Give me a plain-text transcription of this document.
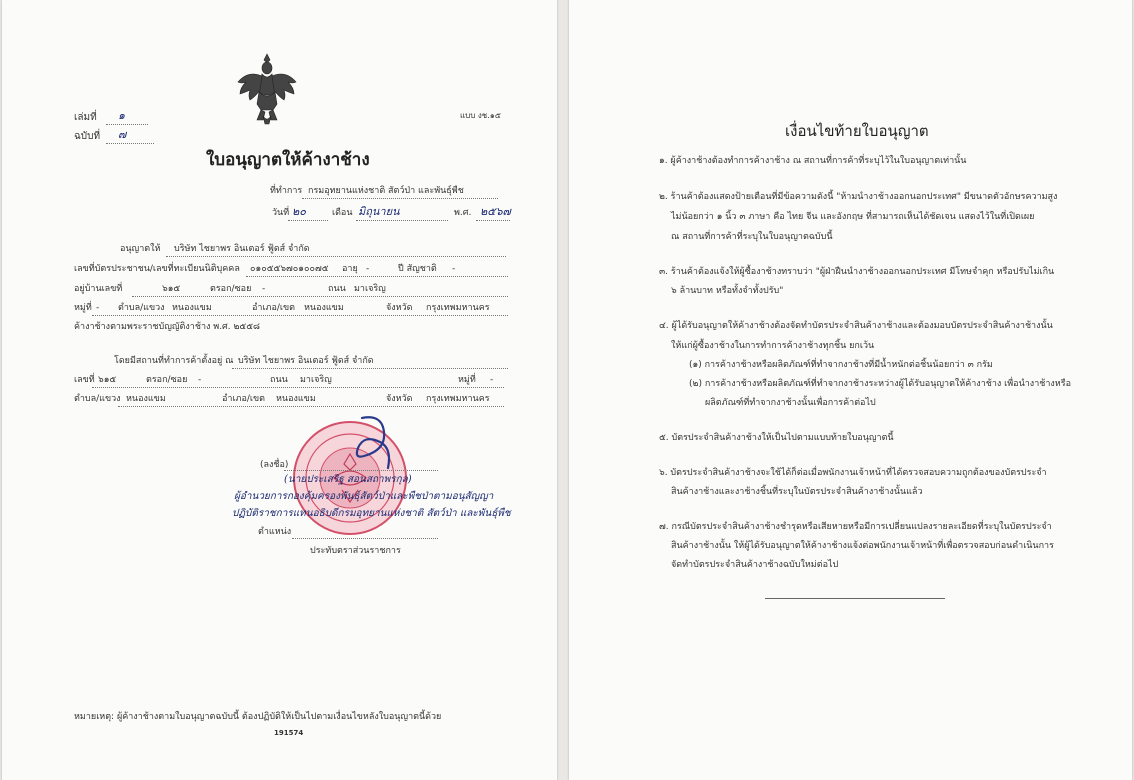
เล่มที่ ๑
ฉบับที่ ๗
แบบ งช.๑๕
ใบอนุญาตให้ค้างาช้าง
ที่ทำการ กรมอุทยานแห่งชาติ สัตว์ป่า และพันธุ์พืช
วันที่ ๒๐	เดือน มิถุนายน	พ.ศ. ๒๕๖๗
อนุญาตให้ บริษัท ไชยาพร อินเตอร์ ฟู้ดส์ จำกัด
เลขที่บัตรประชาชน/เลขที่ทะเบียนนิติบุคคล ๐๑๐๕๕๖๗๐๑๐๐๗๕ อายุ -	ปี สัญชาติ -
อยู่บ้านเลขที่	๖๑๕	ตรอก/ซอย -	ถนน มาเจริญ
หมู่ที่ - ตำบล/แขวง หนองแขม	อำเภอ/เขต หนองแขม	จังหวัด กรุงเทพมหานคร
ค้างาช้างตามพระราชบัญญัติงาช้าง พ.ศ. ๒๕๕๘
โดยมีสถานที่ทำการค้าตั้งอยู่ ณ บริษัท ไชยาพร อินเตอร์ ฟู้ดส์ จำกัด
เลขที่ ๖๑๕	ตรอก/ซอย -	ถนน มาเจริญ	หมู่ที่ -
ตำบล/แขวง หนองแขม	อำเภอ/เขต หนองแขม	จังหวัด กรุงเทพมหานคร
(ลงชื่อ)
(นายประเสริฐ สอนสถาพรกุล)
ผู้อำนวยการกองคุ้มครองพันธุ์สัตว์ป่าและพืชป่าตามอนุสัญญา
ปฏิบัติราชการแทนอธิบดีกรมอุทยานแห่งชาติ สัตว์ป่า และพันธุ์พืช
ตำแหน่ง
ประทับตราส่วนราชการ
หมายเหตุ: ผู้ค้างาช้างตามใบอนุญาตฉบับนี้ ต้องปฏิบัติให้เป็นไปตามเงื่อนไขหลังใบอนุญาตนี้ด้วย
191574
เงื่อนไขท้ายใบอนุญาต
๑. ผู้ค้างาช้างต้องทำการค้างาช้าง ณ สถานที่การค้าที่ระบุไว้ในใบอนุญาตเท่านั้น
๒. ร้านค้าต้องแสดงป้ายเตือนที่มีข้อความดังนี้ "ห้ามนำงาช้างออกนอกประเทศ" มีขนาดตัวอักษรความสูง
ไม่น้อยกว่า ๑ นิ้ว ๓ ภาษา คือ ไทย จีน และอังกฤษ ที่สามารถเห็นได้ชัดเจน แสดงไว้ในที่เปิดเผย
ณ สถานที่การค้าที่ระบุในใบอนุญาตฉบับนี้
๓. ร้านค้าต้องแจ้งให้ผู้ซื้องาช้างทราบว่า "ผู้ฝ่าฝืนนำงาช้างออกนอกประเทศ มีโทษจำคุก หรือปรับไม่เกิน
๖ ล้านบาท หรือทั้งจำทั้งปรับ"
๔. ผู้ได้รับอนุญาตให้ค้างาช้างต้องจัดทำบัตรประจำสินค้างาช้างและต้องมอบบัตรประจำสินค้างาช้างนั้น
ให้แก่ผู้ซื้องาช้างในการทำการค้างาช้างทุกชิ้น ยกเว้น
(๑) การค้างาช้างหรือผลิตภัณฑ์ที่ทำจากงาช้างที่มีน้ำหนักต่อชิ้นน้อยกว่า ๓ กรัม
(๒) การค้างาช้างหรือผลิตภัณฑ์ที่ทำจากงาช้างระหว่างผู้ได้รับอนุญาตให้ค้างาช้าง เพื่อนำงาช้างหรือ
ผลิตภัณฑ์ที่ทำจากงาช้างนั้นเพื่อการค้าต่อไป
๕. บัตรประจำสินค้างาช้างให้เป็นไปตามแบบท้ายใบอนุญาตนี้
๖. บัตรประจำสินค้างาช้างจะใช้ได้ก็ต่อเมื่อพนักงานเจ้าหน้าที่ได้ตรวจสอบความถูกต้องของบัตรประจำ
สินค้างาช้างและงาช้างชิ้นที่ระบุในบัตรประจำสินค้างาช้างนั้นแล้ว
๗. กรณีบัตรประจำสินค้างาช้างชำรุดหรือเสียหายหรือมีการเปลี่ยนแปลงรายละเอียดที่ระบุในบัตรประจำ
สินค้างาช้างนั้น ให้ผู้ได้รับอนุญาตให้ค้างาช้างแจ้งต่อพนักงานเจ้าหน้าที่เพื่อตรวจสอบก่อนดำเนินการ
จัดทำบัตรประจำสินค้างาช้างฉบับใหม่ต่อไป
